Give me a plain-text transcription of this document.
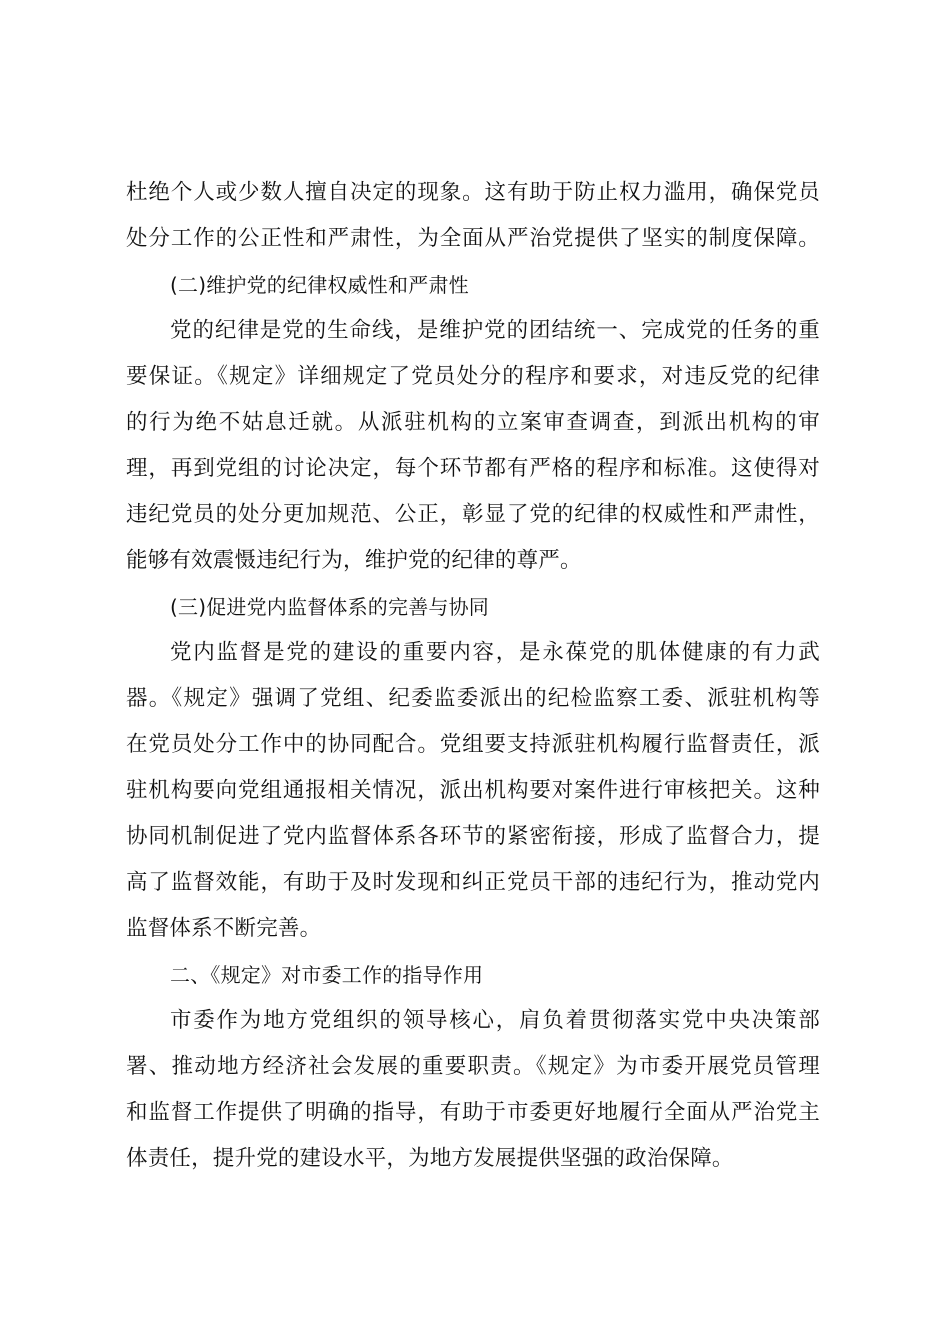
杜绝个人或少数人擅自决定的现象。这有助于防止权力滥用，确保党员
处分工作的公正性和严肃性，为全面从严治党提供了坚实的制度保障。
(二)维护党的纪律权威性和严肃性
党的纪律是党的生命线，是维护党的团结统一、完成党的任务的重
要保证。《规定》详细规定了党员处分的程序和要求，对违反党的纪律
的行为绝不姑息迁就。从派驻机构的立案审查调查，到派出机构的审
理，再到党组的讨论决定，每个环节都有严格的程序和标准。这使得对
违纪党员的处分更加规范、公正，彰显了党的纪律的权威性和严肃性，
能够有效震慑违纪行为，维护党的纪律的尊严。
(三)促进党内监督体系的完善与协同
党内监督是党的建设的重要内容，是永葆党的肌体健康的有力武
器。《规定》强调了党组、纪委监委派出的纪检监察工委、派驻机构等
在党员处分工作中的协同配合。党组要支持派驻机构履行监督责任，派
驻机构要向党组通报相关情况，派出机构要对案件进行审核把关。这种
协同机制促进了党内监督体系各环节的紧密衔接，形成了监督合力，提
高了监督效能，有助于及时发现和纠正党员干部的违纪行为，推动党内
监督体系不断完善。
二、《规定》对市委工作的指导作用
市委作为地方党组织的领导核心，肩负着贯彻落实党中央决策部
署、推动地方经济社会发展的重要职责。《规定》为市委开展党员管理
和监督工作提供了明确的指导，有助于市委更好地履行全面从严治党主
体责任，提升党的建设水平，为地方发展提供坚强的政治保障。
